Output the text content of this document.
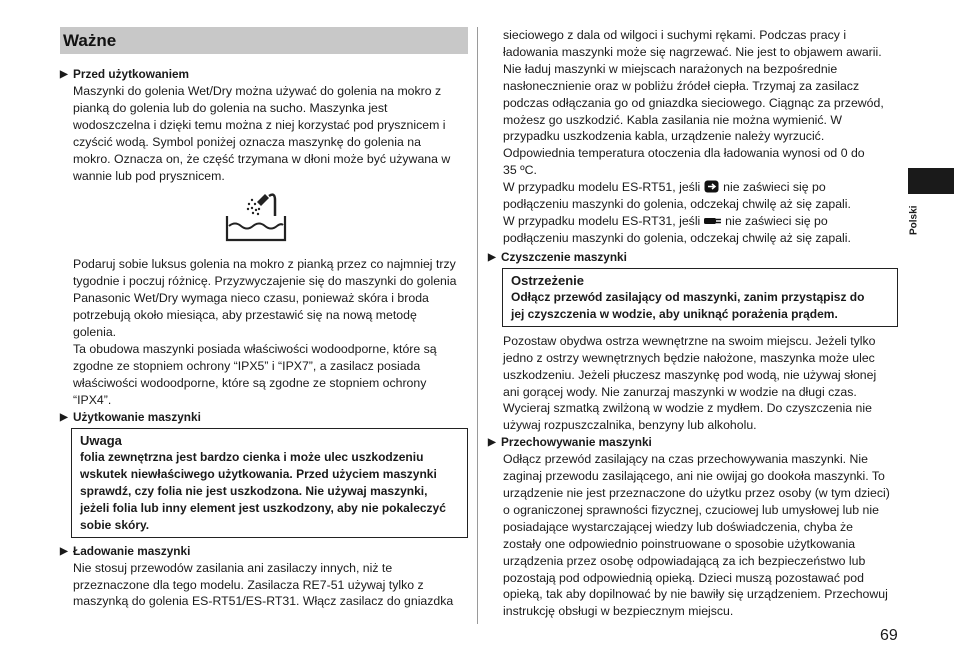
Ważne
▶ Przed użytkowaniem
Maszynki do golenia Wet/Dry można używać do golenia na mokro z
pianką do golenia lub do golenia na sucho. Maszynka jest
wodoszczelna i dzięki temu można z niej korzystać pod prysznicem i
czyścić wodą. Symbol poniżej oznacza maszynkę do golenia na
mokro. Oznacza on, że część trzymana w dłoni może być używana w
wannie lub pod prysznicem.
Podaruj sobie luksus golenia na mokro z pianką przez co najmniej trzy
tygodnie i poczuj różnicę. Przyzwyczajenie się do maszynki do golenia
Panasonic Wet/Dry wymaga nieco czasu, ponieważ skóra i broda
potrzebują około miesiąca, aby przestawić się na nową metodę
golenia.
Ta obudowa maszynki posiada właściwości wodoodporne, które są
zgodne ze stopniem ochrony “IPX5” i “IPX7”, a zasilacz posiada
właściwości wodoodporne, które są zgodne ze stopniem ochrony
“IPX4”.
▶ Użytkowanie maszynki
Uwaga
folia zewnętrzna jest bardzo cienka i może ulec uszkodzeniu
wskutek niewłaściwego użytkowania. Przed użyciem maszynki
sprawdź, czy folia nie jest uszkodzona. Nie używaj maszynki,
jeżeli folia lub inny element jest uszkodzony, aby nie pokaleczyć
sobie skóry.
▶ Ładowanie maszynki
Nie stosuj przewodów zasilania ani zasilaczy innych, niż te
przeznaczone dla tego modelu. Zasilacza RE7-51 używaj tylko z
maszynką do golenia ES-RT51/ES-RT31. Włącz zasilacz do gniazdka
sieciowego z dala od wilgoci i suchymi rękami. Podczas pracy i
ładowania maszynki może się nagrzewać. Nie jest to objawem awarii.
Nie ładuj maszynki w miejscach narażonych na bezpośrednie
nasłonecznienie oraz w pobliżu źródeł ciepła. Trzymaj za zasilacz
podczas odłączania go od gniazdka sieciowego. Ciągnąc za przewód,
możesz go uszkodzić. Kabla zasilania nie można wymienić. W
przypadku uszkodzenia kabla, urządzenie należy wyrzucić.
Odpowiednia temperatura otoczenia dla ładowania wynosi od 0 do
35 ºC.
W przypadku modelu ES-RT51, jeśli nie zaświeci się po
podłączeniu maszynki do golenia, odczekaj chwilę aż się zapali.
W przypadku modelu ES-RT31, jeśli nie zaświeci się po
podłączeniu maszynki do golenia, odczekaj chwilę aż się zapali.
▶ Czyszczenie maszynki
Ostrzeżenie
Odłącz przewód zasilający od maszynki, zanim przystąpisz do
jej czyszczenia w wodzie, aby uniknąć porażenia prądem.
Pozostaw obydwa ostrza wewnętrzne na swoim miejscu. Jeżeli tylko
jedno z ostrzy wewnętrznych będzie nałożone, maszynka może ulec
uszkodzeniu. Jeżeli płuczesz maszynkę pod wodą, nie używaj słonej
ani gorącej wody. Nie zanurzaj maszynki w wodzie na długi czas.
Wycieraj szmatką zwilżoną w wodzie z mydłem. Do czyszczenia nie
używaj rozpuszczalnika, benzyny lub alkoholu.
▶ Przechowywanie maszynki
Odłącz przewód zasilający na czas przechowywania maszynki. Nie
zaginaj przewodu zasilającego, ani nie owijaj go dookoła maszynki. To
urządzenie nie jest przeznaczone do użytku przez osoby (w tym dzieci)
o ograniczonej sprawności fizycznej, czuciowej lub umysłowej lub nie
posiadające wystarczającej wiedzy lub doświadczenia, chyba że
zostały one odpowiednio poinstruowane o sposobie użytkowania
urządzenia przez osobę odpowiadającą za ich bezpieczeństwo lub
pozostają pod odpowiednią opieką. Dzieci muszą pozostawać pod
opieką, tak aby dopilnować by nie bawiły się urządzeniem. Przechowuj
instrukcję obsługi w bezpiecznym miejscu.
Polski
69
